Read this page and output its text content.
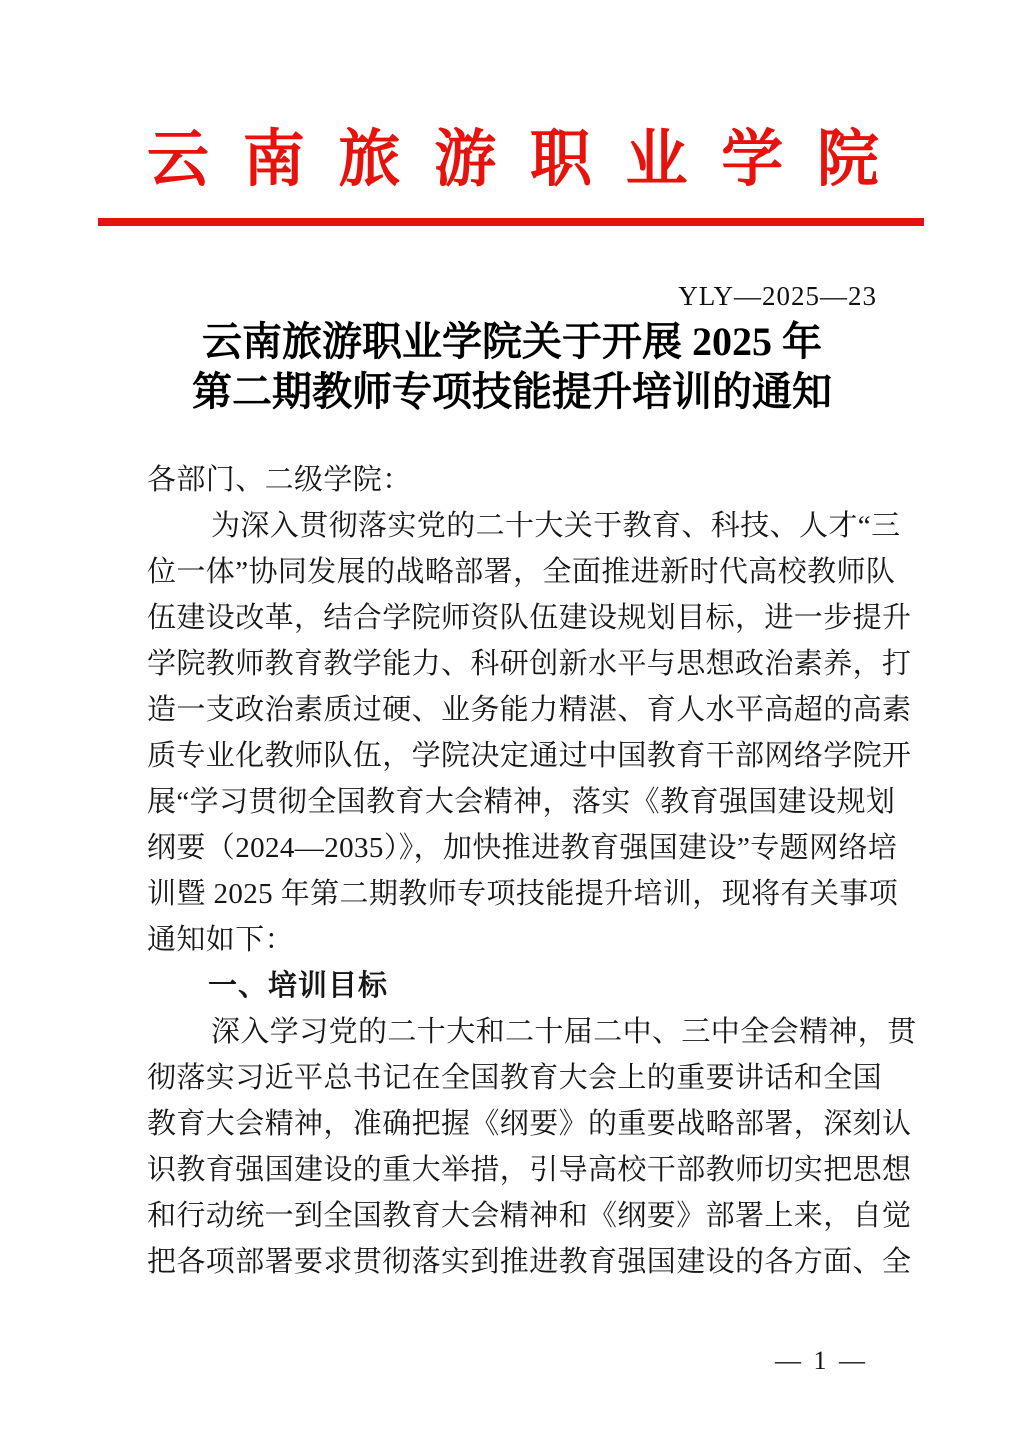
云 南 旅 游 职 业 学 院
YLY—2025—23
云南旅游职业学院关于开展 2025 年
第二期教师专项技能提升培训的通知
各部门、二级学院：
为深入贯彻落实党的二十大关于教育、科技、人才“三
位一体”协同发展的战略部署，全面推进新时代高校教师队
伍建设改革，结合学院师资队伍建设规划目标，进一步提升
学院教师教育教学能力、科研创新水平与思想政治素养，打
造一支政治素质过硬、业务能力精湛、育人水平高超的高素
质专业化教师队伍，学院决定通过中国教育干部网络学院开
展“学习贯彻全国教育大会精神，落实《教育强国建设规划
纲要（2024—2035）》，加快推进教育强国建设”专题网络培
训暨 2025 年第二期教师专项技能提升培训，现将有关事项
通知如下：
一、培训目标
深入学习党的二十大和二十届二中、三中全会精神，贯
彻落实习近平总书记在全国教育大会上的重要讲话和全国
教育大会精神，准确把握《纲要》的重要战略部署，深刻认
识教育强国建设的重大举措，引导高校干部教师切实把思想
和行动统一到全国教育大会精神和《纲要》部署上来，自觉
把各项部署要求贯彻落实到推进教育强国建设的各方面、全
— 1 —
